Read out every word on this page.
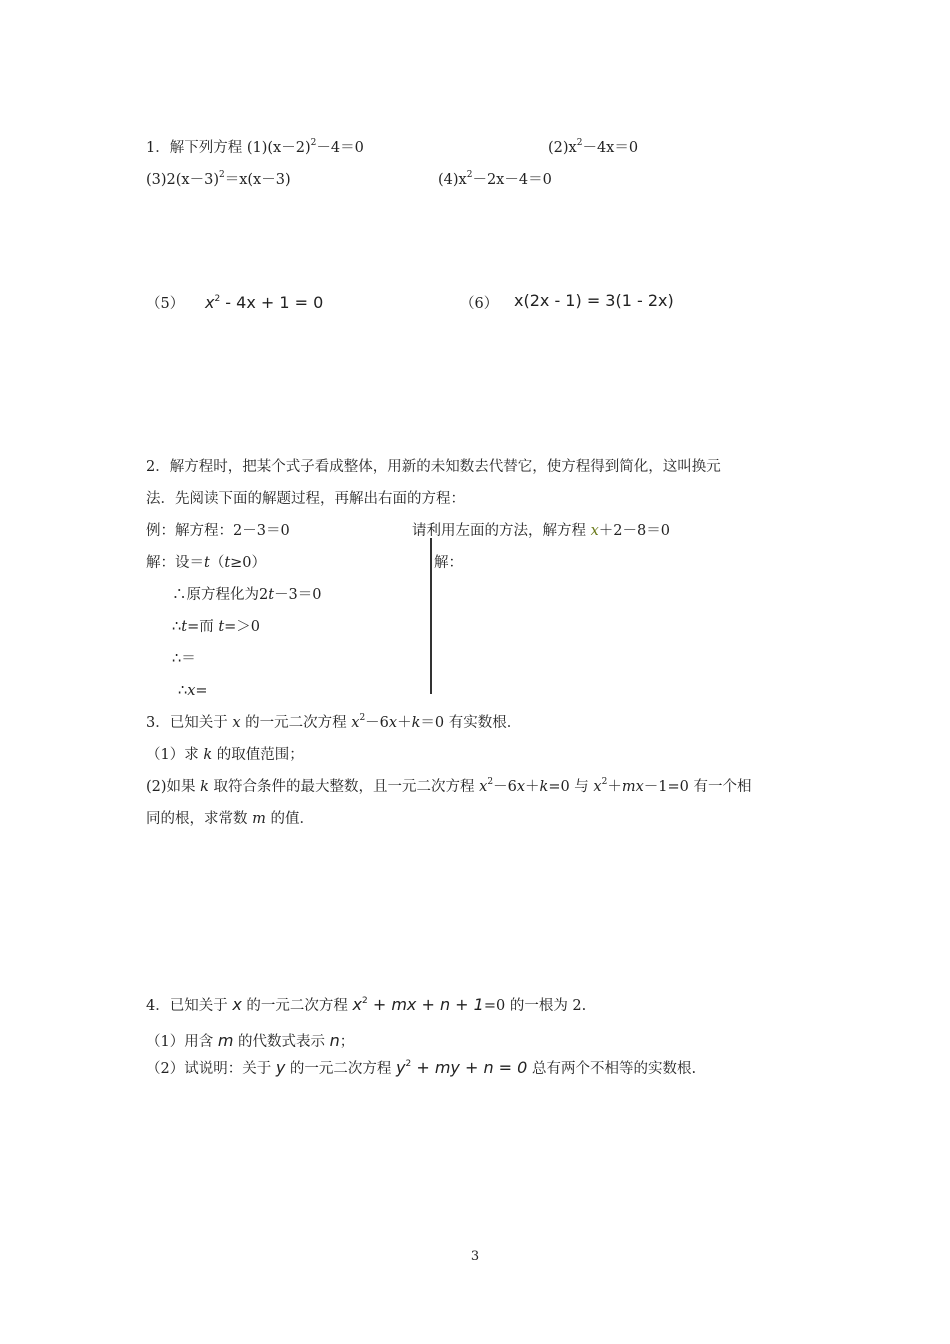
1．解下列方程 $(1)(x-2)^2-4=0$	$(2)x^2-4x=0$
$(3)2(x-3)^2=x(x-3)$	$(4)x^2-2x-4=0$
（5） $x^2 - 4x + 1 = 0$	（6） x(2x - 1) = 3(1 - 2x)
2．解方程时，把某个式子看成整体，用新的未知数去代替它，使方程得到简化，这叫换元
法．先阅读下面的解题过程，再解出右面的方程：
例：解方程：2－3＝0
解：设＝t（t≥0）
∴原方程化为2t－3＝0
∴t=而 t=＞0
∴＝
∴x=
请利用左面的方法，解方程 x＋2－8＝0
解：
3．已知关于 x 的一元二次方程 $x^2-6x+k=0$ 有实数根．
（1）求 k 的取值范围；
(2)如果 k 取符合条件的最大整数，且一元二次方程 $x^2-6x+k=0$ 与 $x^2+mx-1=0$ 有一个相
同的根，求常数 m 的值．
4．已知关于 x 的一元二次方程 $x^2$ + mx + n + 1=0 的一根为 2.
（1）用含 m 的代数式表示 n；
（2）试说明：关于 y 的一元二次方程 $y^2$ + my + n = 0 总有两个不相等的实数根.
3
